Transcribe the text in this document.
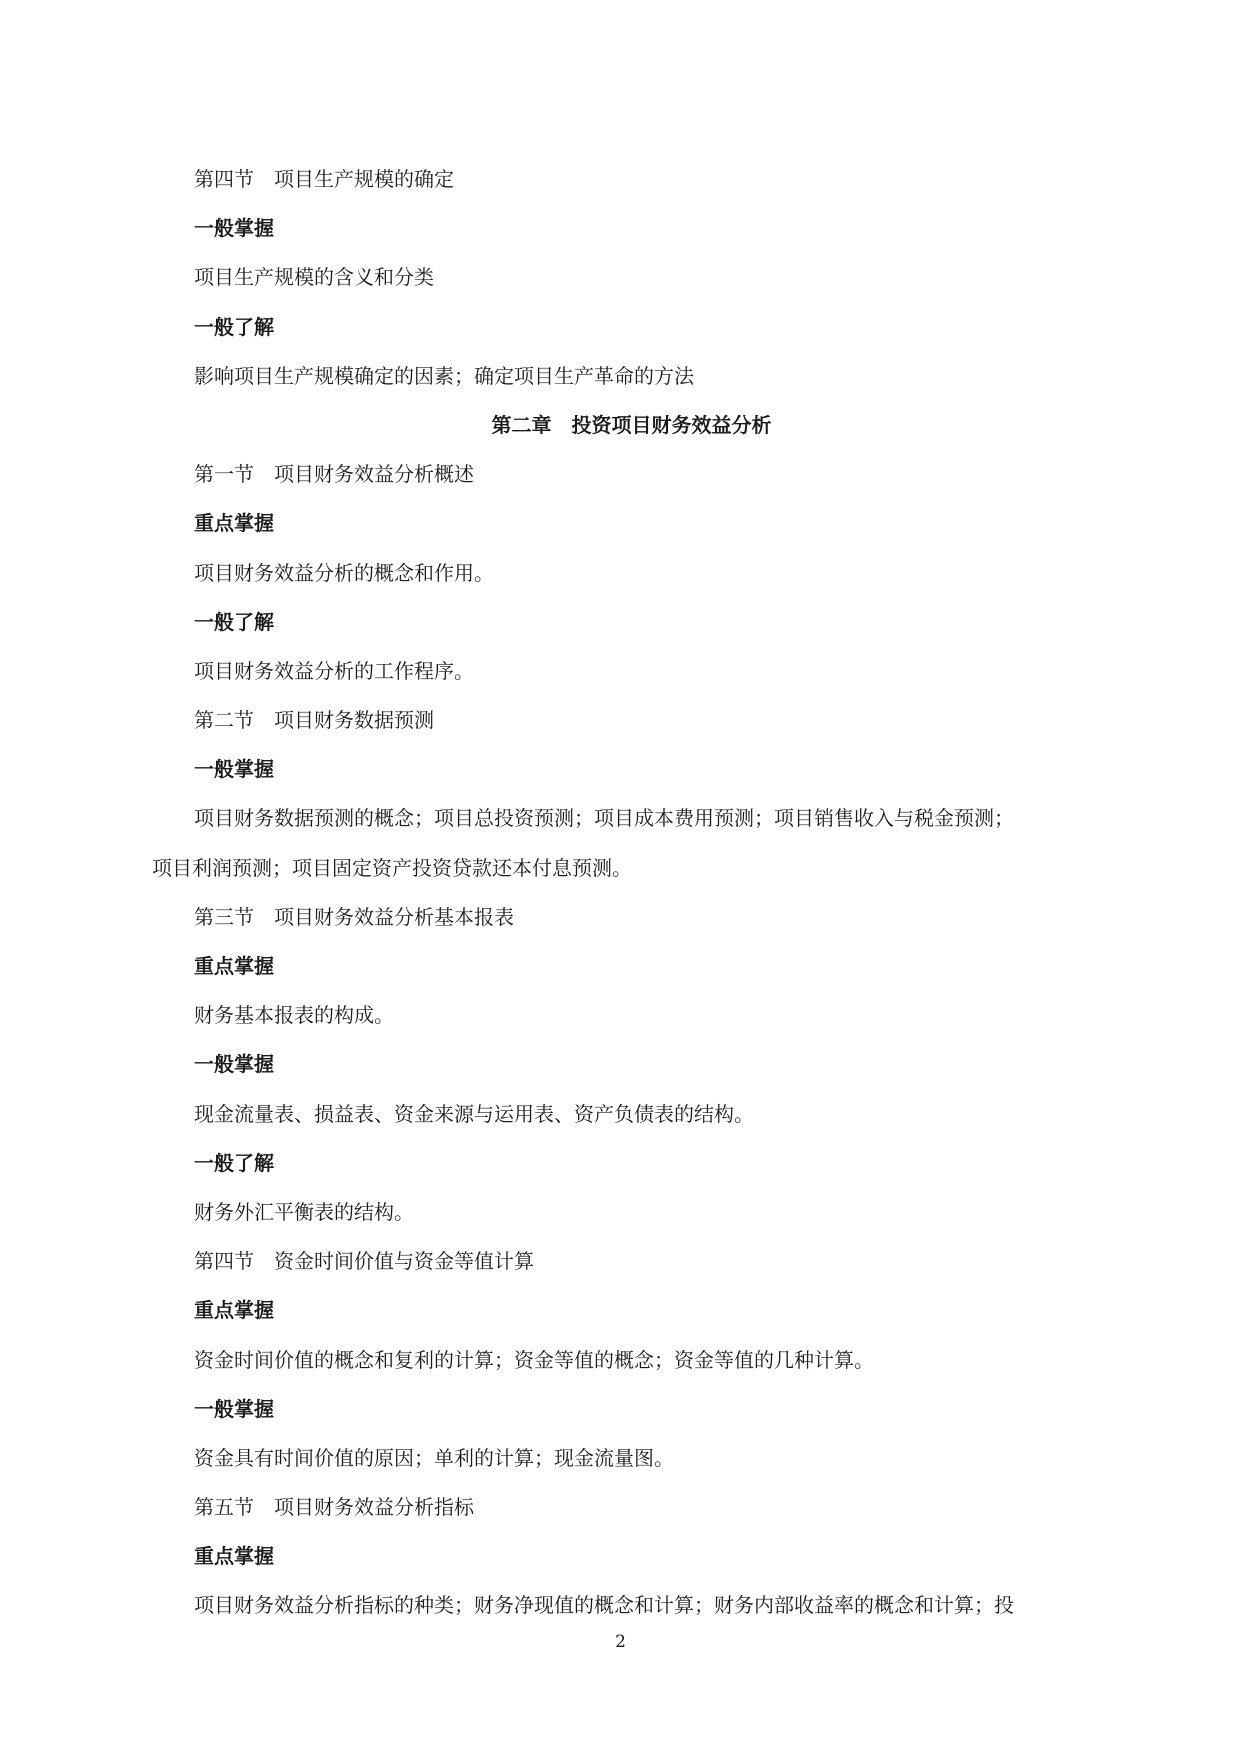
第四节　项目生产规模的确定
一般掌握
项目生产规模的含义和分类
一般了解
影响项目生产规模确定的因素；确定项目生产革命的方法
第二章　投资项目财务效益分析
第一节　项目财务效益分析概述
重点掌握
项目财务效益分析的概念和作用。
一般了解
项目财务效益分析的工作程序。
第二节　项目财务数据预测
一般掌握
项目财务数据预测的概念；项目总投资预测；项目成本费用预测；项目销售收入与税金预测；
项目利润预测；项目固定资产投资贷款还本付息预测。
第三节　项目财务效益分析基本报表
重点掌握
财务基本报表的构成。
一般掌握
现金流量表、损益表、资金来源与运用表、资产负债表的结构。
一般了解
财务外汇平衡表的结构。
第四节　资金时间价值与资金等值计算
重点掌握
资金时间价值的概念和复利的计算；资金等值的概念；资金等值的几种计算。
一般掌握
资金具有时间价值的原因；单利的计算；现金流量图。
第五节　项目财务效益分析指标
重点掌握
项目财务效益分析指标的种类；财务净现值的概念和计算；财务内部收益率的概念和计算；投
2
